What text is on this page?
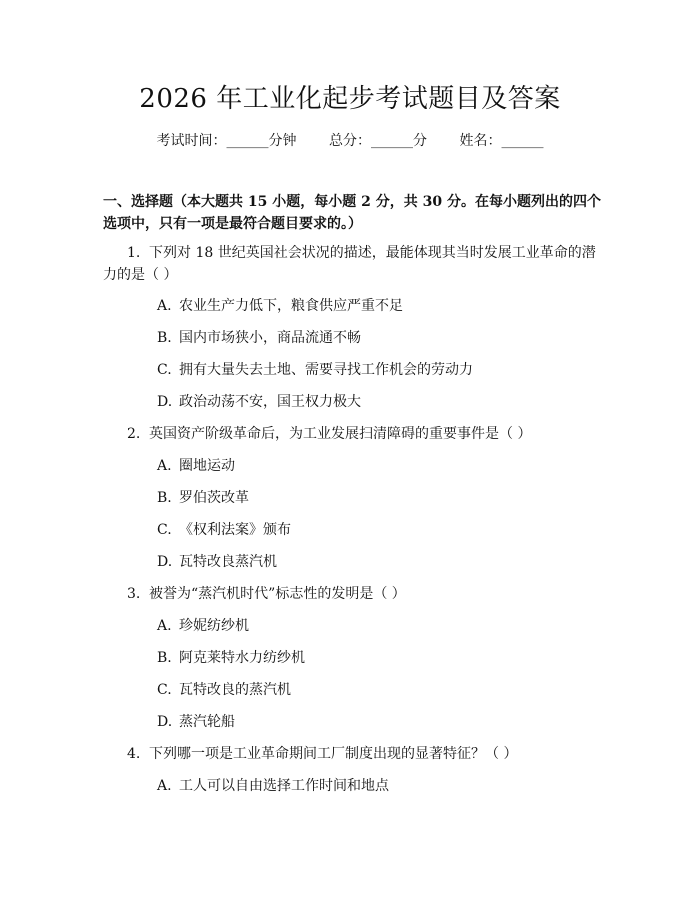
2026 年工业化起步考试题目及答案
考试时间：______分钟 总分：______分 姓名：______
一、选择题（本大题共 15 小题，每小题 2 分，共 30 分。在每小题列出的四个选项中，只有一项是最符合题目要求的。）
1. 下列对 18 世纪英国社会状况的描述，最能体现其当时发展工业革命的潜力的是（ ）
A. 农业生产力低下，粮食供应严重不足
B. 国内市场狭小，商品流通不畅
C. 拥有大量失去土地、需要寻找工作机会的劳动力
D. 政治动荡不安，国王权力极大
2. 英国资产阶级革命后，为工业发展扫清障碍的重要事件是（ ）
A. 圈地运动
B. 罗伯茨改革
C. 《权利法案》颁布
D. 瓦特改良蒸汽机
3. 被誉为“蒸汽机时代”标志性的发明是（ ）
A. 珍妮纺纱机
B. 阿克莱特水力纺纱机
C. 瓦特改良的蒸汽机
D. 蒸汽轮船
4. 下列哪一项是工业革命期间工厂制度出现的显著特征？（ ）
A. 工人可以自由选择工作时间和地点
